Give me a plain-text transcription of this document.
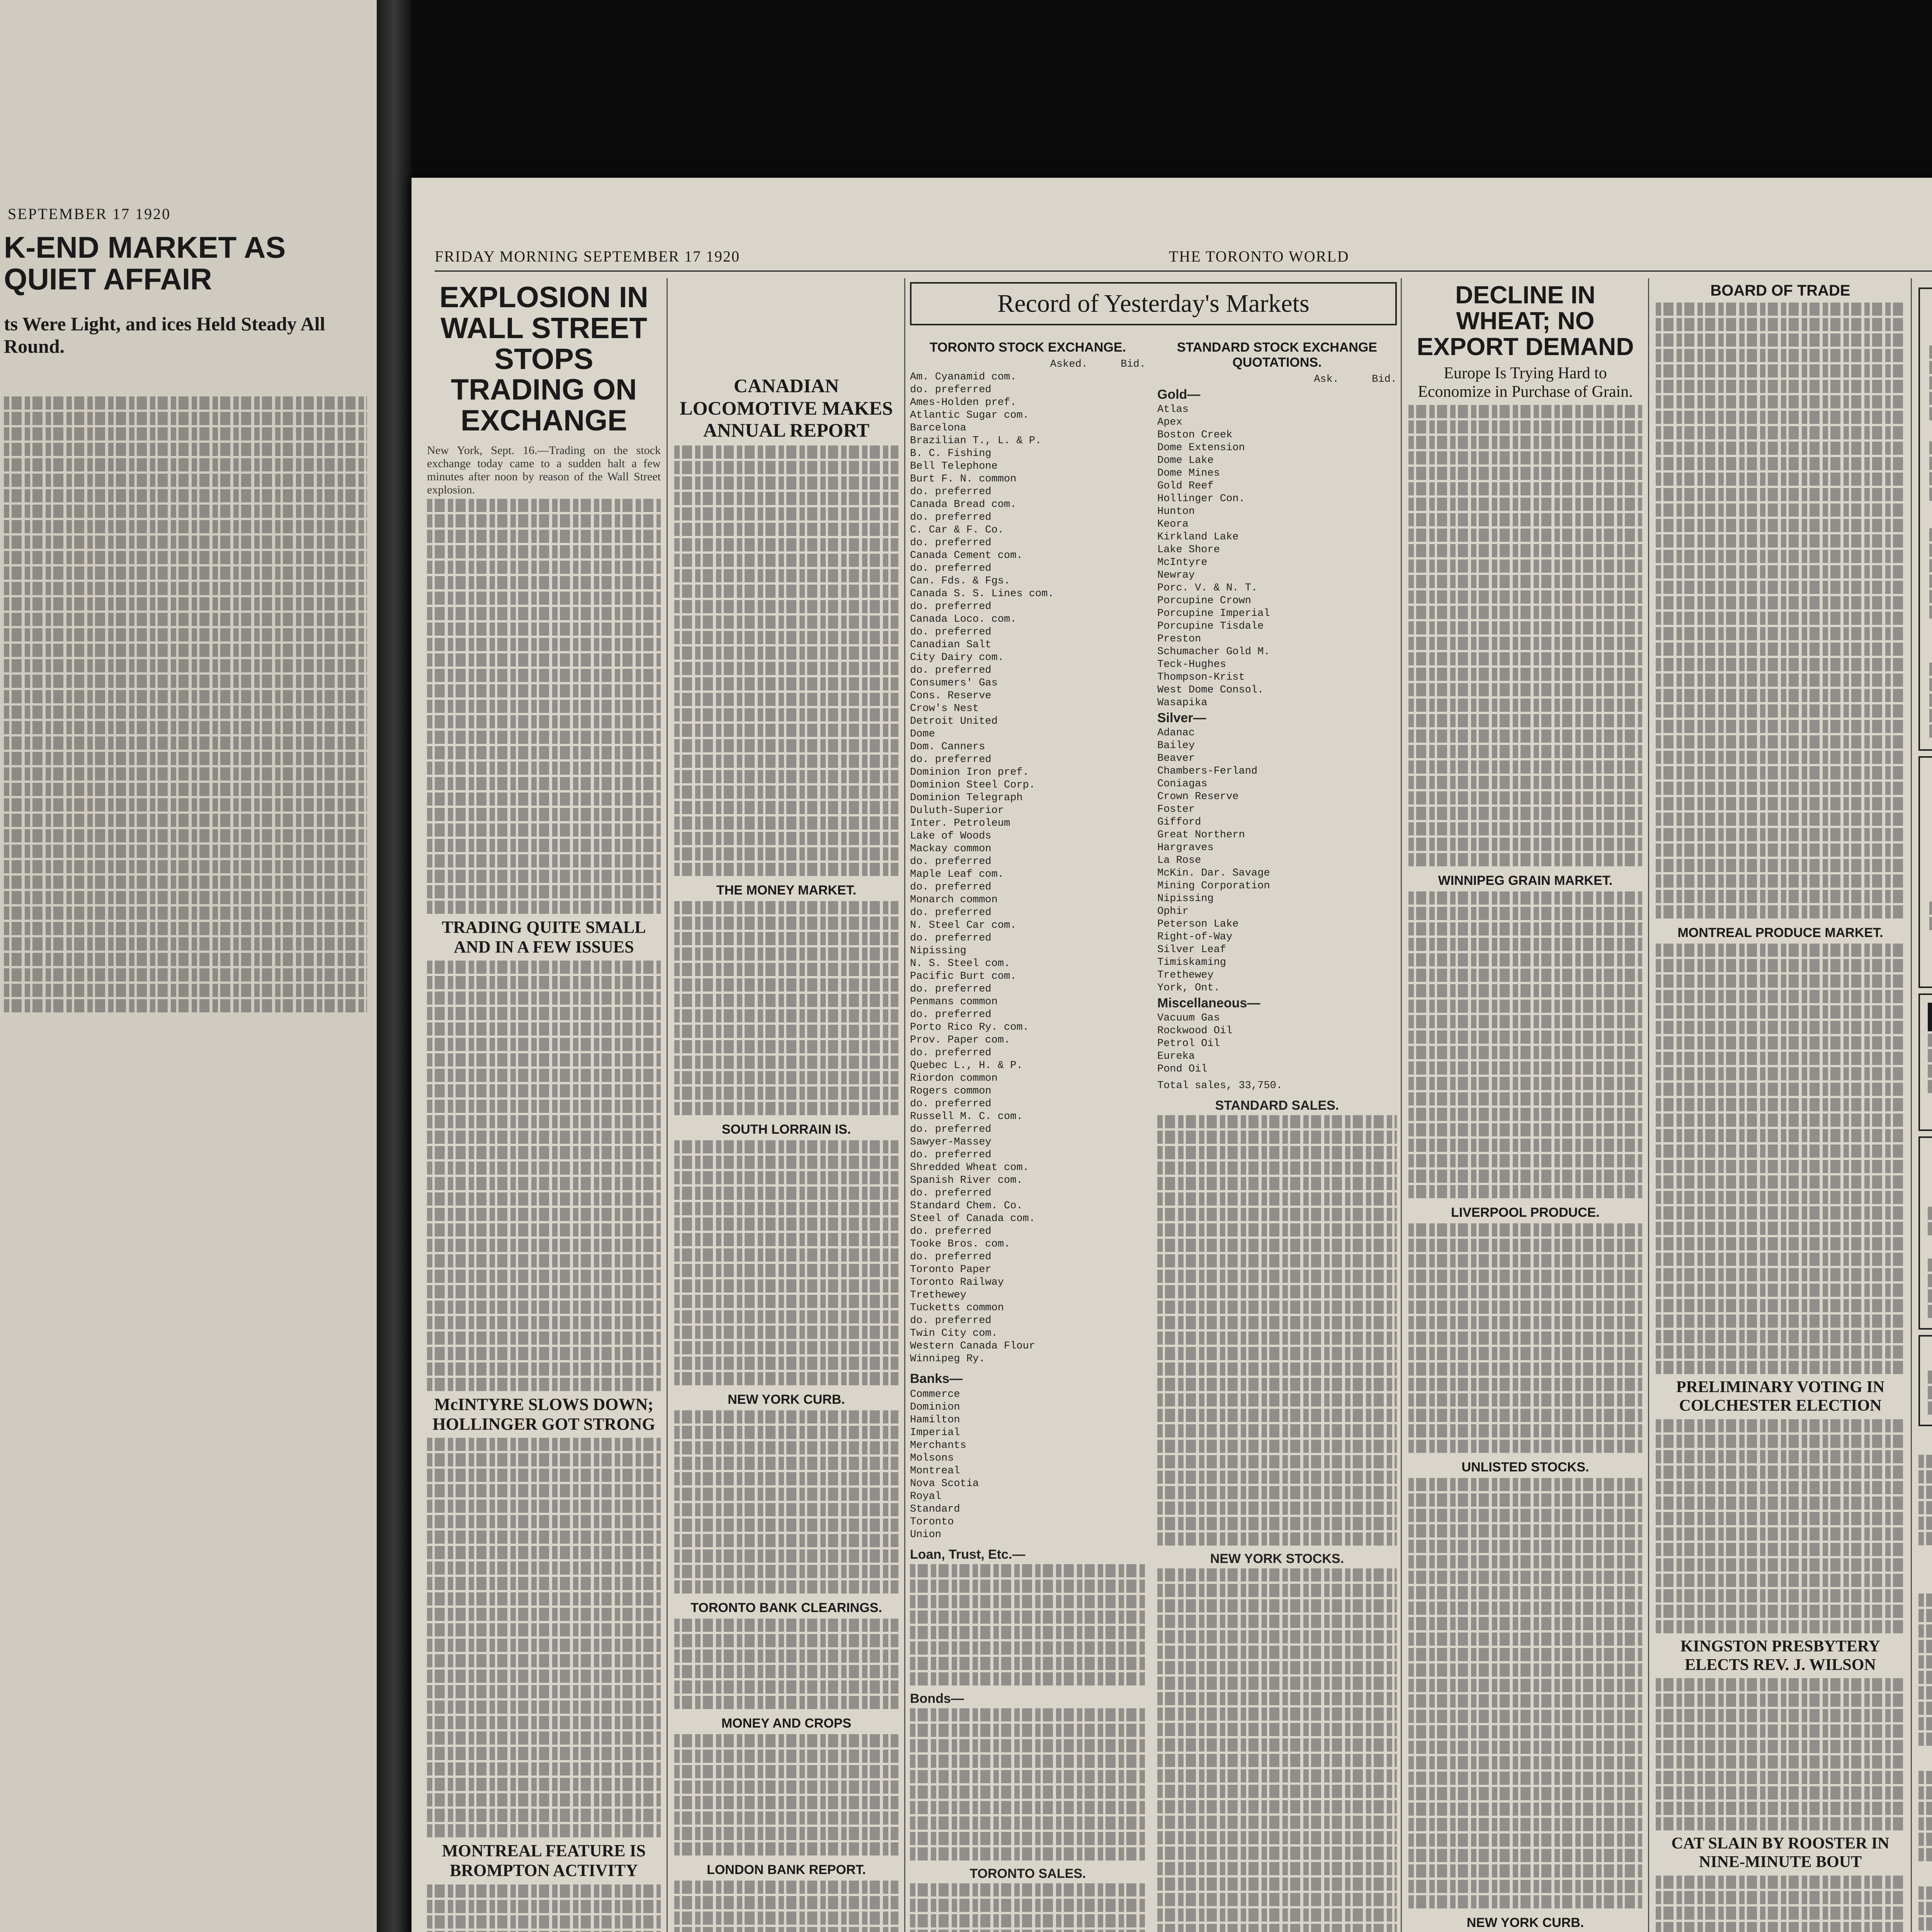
SEPTEMBER 17 1920
K-END MARKET AS QUIET AFFAIR
ts Were Light, and ices Held Steady All Round.
FRIDAY MORNING SEPTEMBER 17 1920	THE TORONTO WORLD
EXPLOSION IN WALL STREET STOPS TRADING ON EXCHANGE
New York, Sept. 16.—Trading on the stock exchange today came to a sudden halt a few minutes after noon by reason of the Wall Street explosion.
TRADING QUITE SMALL AND IN A FEW ISSUES
McINTYRE SLOWS DOWN; HOLLINGER GOT STRONG
MONTREAL FEATURE IS BROMPTON ACTIVITY
CANADIAN LOCOMOTIVE MAKES ANNUAL REPORT
THE MONEY MARKET.
SOUTH LORRAIN IS.
NEW YORK CURB.
TORONTO BANK CLEARINGS.
MONEY AND CROPS
LONDON BANK REPORT.
Record of Yesterday's Markets
TORONTO STOCK EXCHANGE.
Asked.	Bid.
Am. Cyanamid com.
do. preferred
Ames-Holden pref.
Atlantic Sugar com.
Barcelona
Brazilian T., L. & P.
B. C. Fishing
Bell Telephone
Burt F. N. common
do. preferred
Canada Bread com.
do. preferred
C. Car & F. Co.
do. preferred
Canada Cement com.
do. preferred
Can. Fds. & Fgs.
Canada S. S. Lines com.
do. preferred
Canada Loco. com.
do. preferred
Canadian Salt
City Dairy com.
do. preferred
Consumers' Gas
Cons. Reserve
Crow's Nest
Detroit United
Dome
Dom. Canners
do. preferred
Dominion Iron pref.
Dominion Steel Corp.
Dominion Telegraph
Duluth-Superior
Inter. Petroleum
Lake of Woods
Mackay common
do. preferred
Maple Leaf com.
do. preferred
Monarch common
do. preferred
N. Steel Car com.
do. preferred
Nipissing
N. S. Steel com.
Pacific Burt com.
do. preferred
Penmans common
do. preferred
Porto Rico Ry. com.
Prov. Paper com.
do. preferred
Quebec L., H. & P.
Riordon common
Rogers common
do. preferred
Russell M. C. com.
do. preferred
Sawyer-Massey
do. preferred
Shredded Wheat com.
Spanish River com.
do. preferred
Standard Chem. Co.
Steel of Canada com.
do. preferred
Tooke Bros. com.
do. preferred
Toronto Paper
Toronto Railway
Trethewey
Tucketts common
do. preferred
Twin City com.
Western Canada Flour
Winnipeg Ry.
Banks—
Commerce
Dominion
Hamilton
Imperial
Merchants
Molsons
Montreal
Nova Scotia
Royal
Standard
Toronto
Union
Loan, Trust, Etc.—
Bonds—
TORONTO SALES.
STANDARD STOCK EXCHANGE QUOTATIONS.
Ask.	Bid.
Gold—
Atlas
Apex
Boston Creek
Dome Extension
Dome Lake
Dome Mines
Gold Reef
Hollinger Con.
Hunton
Keora
Kirkland Lake
Lake Shore
McIntyre
Newray
Porc. V. & N. T.
Porcupine Crown
Porcupine Imperial
Porcupine Tisdale
Preston
Schumacher Gold M.
Teck-Hughes
Thompson-Krist
West Dome Consol.
Wasapika
Silver—
Adanac
Bailey
Beaver
Chambers-Ferland
Coniagas
Crown Reserve
Foster
Gifford
Great Northern
Hargraves
La Rose
McKin. Dar. Savage
Mining Corporation
Nipissing
Ophir
Peterson Lake
Right-of-Way
Silver Leaf
Timiskaming
Trethewey
York, Ont.
Miscellaneous—
Vacuum Gas
Rockwood Oil
Petrol Oil
Eureka
Pond Oil
Total sales, 33,750.
STANDARD SALES.
NEW YORK STOCKS.
DECLINE IN WHEAT; NO EXPORT DEMAND
Europe Is Trying Hard to Economize in Purchase of Grain.
WINNIPEG GRAIN MARKET.
LIVERPOOL PRODUCE.
UNLISTED STOCKS.
NEW YORK CURB.
BOARD OF TRADE
MONTREAL PRODUCE MARKET.
PRELIMINARY VOTING IN COLCHESTER ELECTION
KINGSTON PRESBYTERY ELECTS REV. J. WILSON
CAT SLAIN BY ROOSTER IN NINE-MINUTE BOUT
